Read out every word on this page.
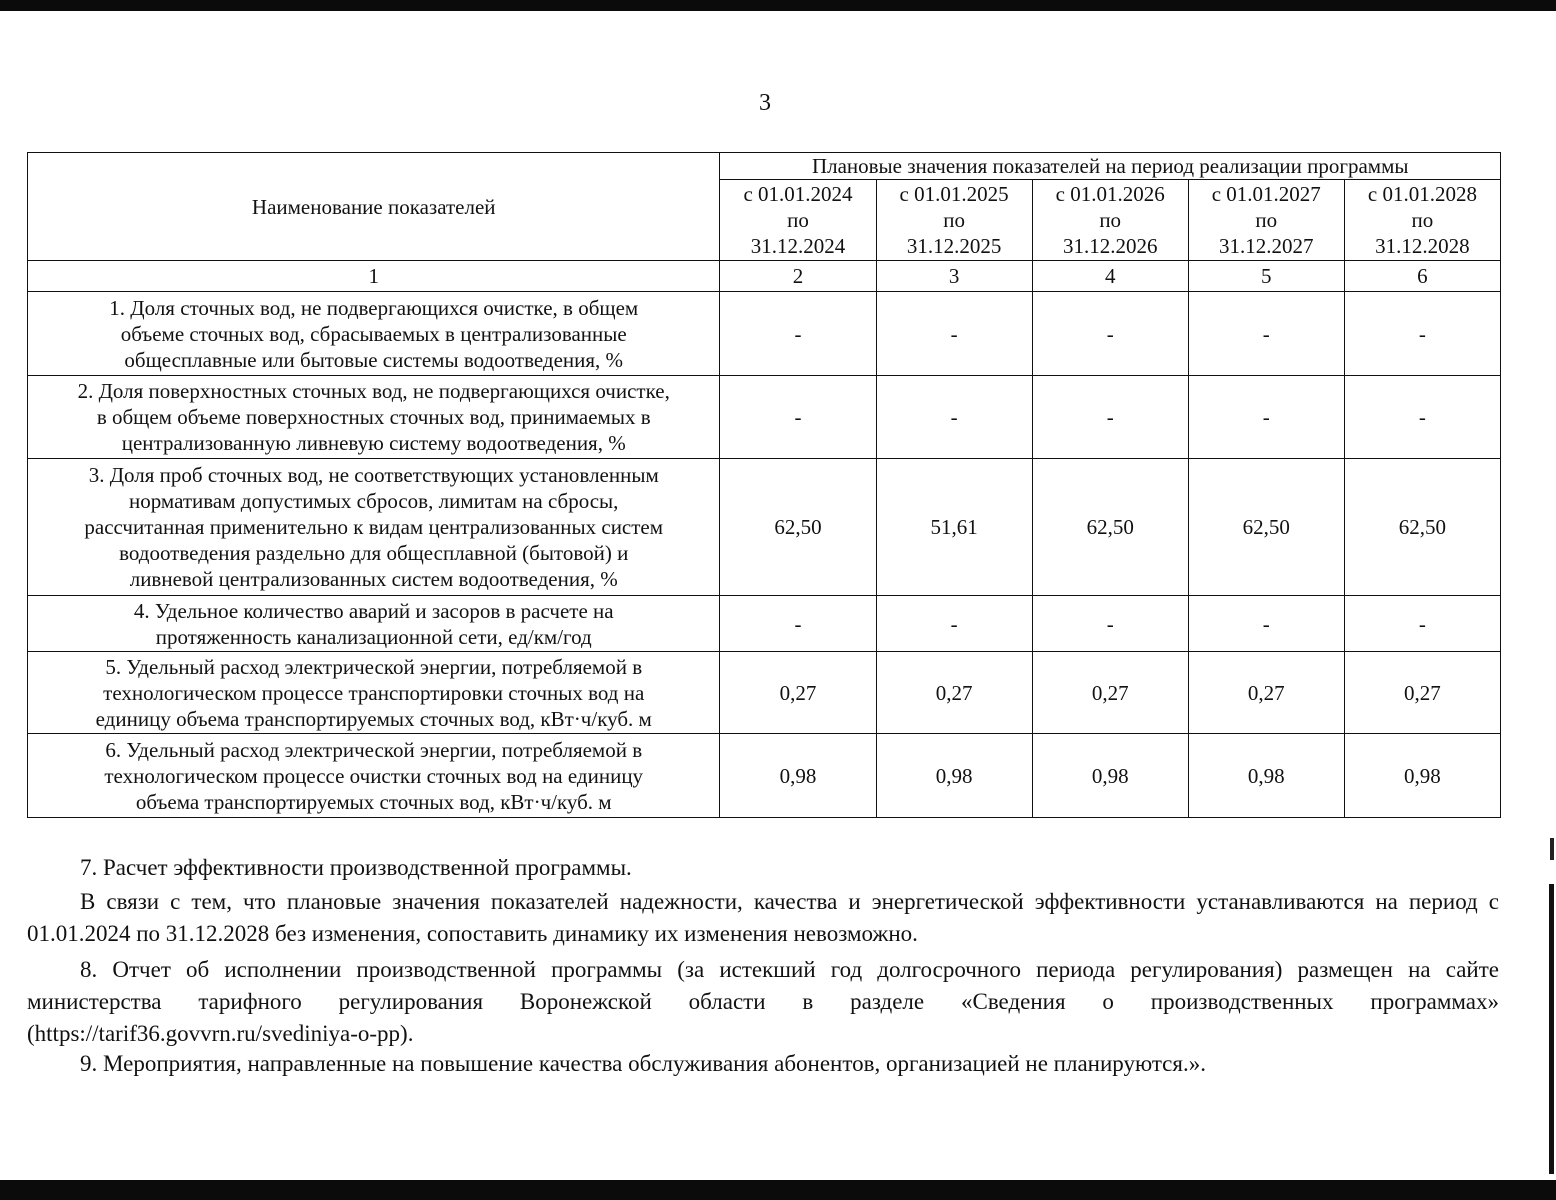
3
Наименование показателей	Плановые значения показателей на период реализации программы				
	с 01.01.2024
по
31.12.2024	с 01.01.2025
по
31.12.2025	с 01.01.2026
по
31.12.2026	с 01.01.2027
по
31.12.2027	с 01.01.2028
по
31.12.2028
1	2	3	4	5	6
1. Доля сточных вод, не подвергающихся очистке, в общем
объеме сточных вод, сбрасываемых в централизованные
общесплавные или бытовые системы водоотведения, %	-	-	-	-	-
2. Доля поверхностных сточных вод, не подвергающихся очистке,
в общем объеме поверхностных сточных вод, принимаемых в
централизованную ливневую систему водоотведения, %	-	-	-	-	-
3. Доля проб сточных вод, не соответствующих установленным
нормативам допустимых сбросов, лимитам на сбросы,
рассчитанная применительно к видам централизованных систем
водоотведения раздельно для общесплавной (бытовой) и
ливневой централизованных систем водоотведения, %	62,50	51,61	62,50	62,50	62,50
4. Удельное количество аварий и засоров в расчете на
протяженность канализационной сети, ед/км/год	-	-	-	-	-
5. Удельный расход электрической энергии, потребляемой в
технологическом процессе транспортировки сточных вод на
единицу объема транспортируемых сточных вод, кВт·ч/куб. м	0,27	0,27	0,27	0,27	0,27
6. Удельный расход электрической энергии, потребляемой в
технологическом процессе очистки сточных вод на единицу
объема транспортируемых сточных вод, кВт·ч/куб. м	0,98	0,98	0,98	0,98	0,98

7. Расчет эффективности производственной программы.

В связи с тем, что плановые значения показателей надежности, качества и энергетической эффективности устанавливаются на период с 01.01.2024 по 31.12.2028 без изменения, сопоставить динамику их изменения невозможно.

8. Отчет об исполнении производственной программы (за истекший год долгосрочного периода регулирования) размещен на сайте министерства тарифного регулирования Воронежской области в разделе «Сведения о производственных программах» (https://tarif36.govvrn.ru/svediniya-o-pp).

9. Мероприятия, направленные на повышение качества обслуживания абонентов, организацией не планируются.».
